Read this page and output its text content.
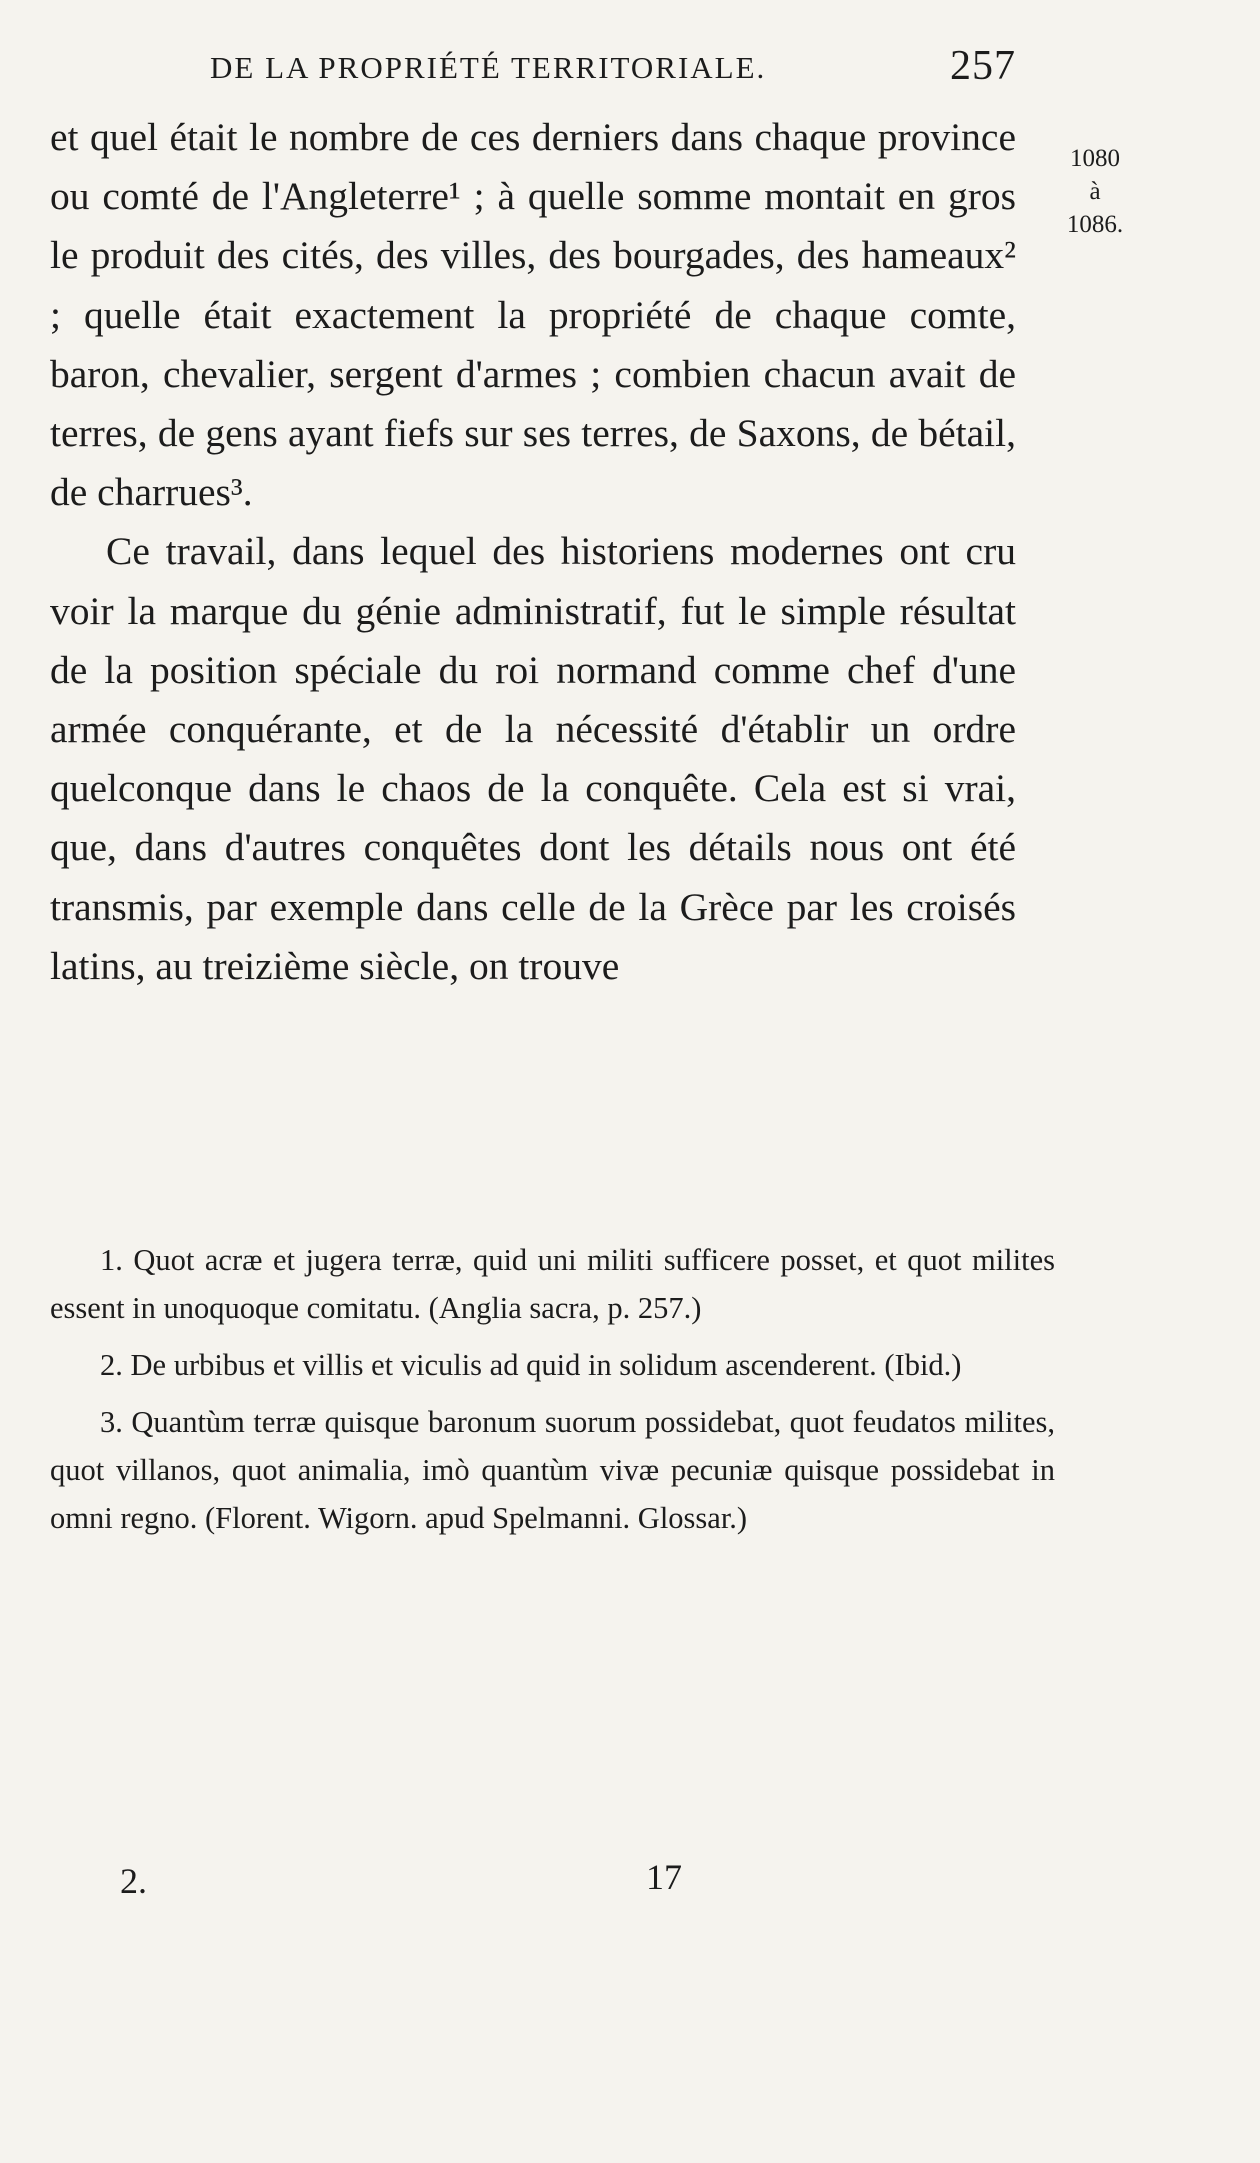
DE LA PROPRIÉTÉ TERRITORIALE.	257
1080
à
1086.

et quel était le nombre de ces derniers dans chaque province ou comté de l'Angleterre¹ ; à quelle somme montait en gros le produit des cités, des villes, des bourgades, des hameaux² ; quelle était exactement la propriété de chaque comte, baron, chevalier, sergent d'armes ; combien chacun avait de terres, de gens ayant fiefs sur ses terres, de Saxons, de bétail, de charrues³.

Ce travail, dans lequel des historiens modernes ont cru voir la marque du génie administratif, fut le simple résultat de la position spéciale du roi normand comme chef d'une armée conquérante, et de la nécessité d'établir un ordre quelconque dans le chaos de la conquête. Cela est si vrai, que, dans d'autres conquêtes dont les détails nous ont été transmis, par exemple dans celle de la Grèce par les croisés latins, au treizième siècle, on trouve

1. Quot acræ et jugera terræ, quid uni militi sufficere posset, et quot milites essent in unoquoque comitatu. (Anglia sacra, p. 257.)

2. De urbibus et villis et viculis ad quid in solidum ascenderent. (Ibid.)

3. Quantùm terræ quisque baronum suorum possidebat, quot feudatos milites, quot villanos, quot animalia, imò quantùm vivæ pecuniæ quisque possidebat in omni regno. (Florent. Wigorn. apud Spelmanni. Glossar.)

2.	17
